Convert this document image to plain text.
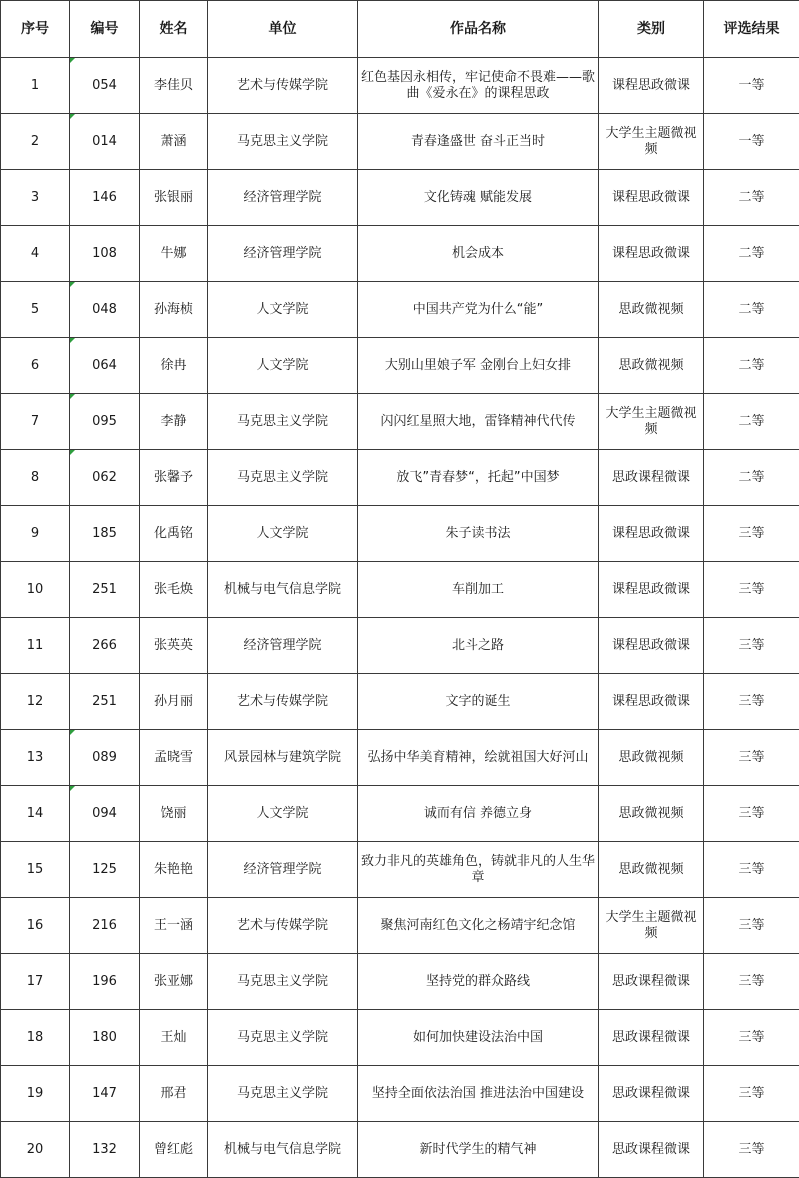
序号	编号	姓名	单位	作品名称	类别	评选结果
1	054	李佳贝	艺术与传媒学院	红色基因永相传，牢记使命不畏难——歌曲《爱永在》的课程思政	课程思政微课	一等
2	014	萧涵	马克思主义学院	青春逢盛世 奋斗正当时	大学生主题微视频	一等
3	146	张银丽	经济管理学院	文化铸魂 赋能发展	课程思政微课	二等
4	108	牛娜	经济管理学院	机会成本	课程思政微课	二等
5	048	孙海桢	人文学院	中国共产党为什么“能”	思政微视频	二等
6	064	徐冉	人文学院	大别山里娘子军 金刚台上妇女排	思政微视频	二等
7	095	李静	马克思主义学院	闪闪红星照大地，雷锋精神代代传	大学生主题微视频	二等
8	062	张馨予	马克思主义学院	放飞”青春梦“，托起”中国梦	思政课程微课	二等
9	185	化禹铭	人文学院	朱子读书法	课程思政微课	三等
10	251	张毛焕	机械与电气信息学院	车削加工	课程思政微课	三等
11	266	张英英	经济管理学院	北斗之路	课程思政微课	三等
12	251	孙月丽	艺术与传媒学院	文字的诞生	课程思政微课	三等
13	089	孟晓雪	风景园林与建筑学院	弘扬中华美育精神，绘就祖国大好河山	思政微视频	三等
14	094	饶丽	人文学院	诚而有信 养德立身	思政微视频	三等
15	125	朱艳艳	经济管理学院	致力非凡的英雄角色，铸就非凡的人生华章	思政微视频	三等
16	216	王一涵	艺术与传媒学院	聚焦河南红色文化之杨靖宇纪念馆	大学生主题微视频	三等
17	196	张亚娜	马克思主义学院	坚持党的群众路线	思政课程微课	三等
18	180	王灿	马克思主义学院	如何加快建设法治中国	思政课程微课	三等
19	147	邢君	马克思主义学院	坚持全面依法治国 推进法治中国建设	思政课程微课	三等
20	132	曾红彪	机械与电气信息学院	新时代学生的精气神	思政课程微课	三等
